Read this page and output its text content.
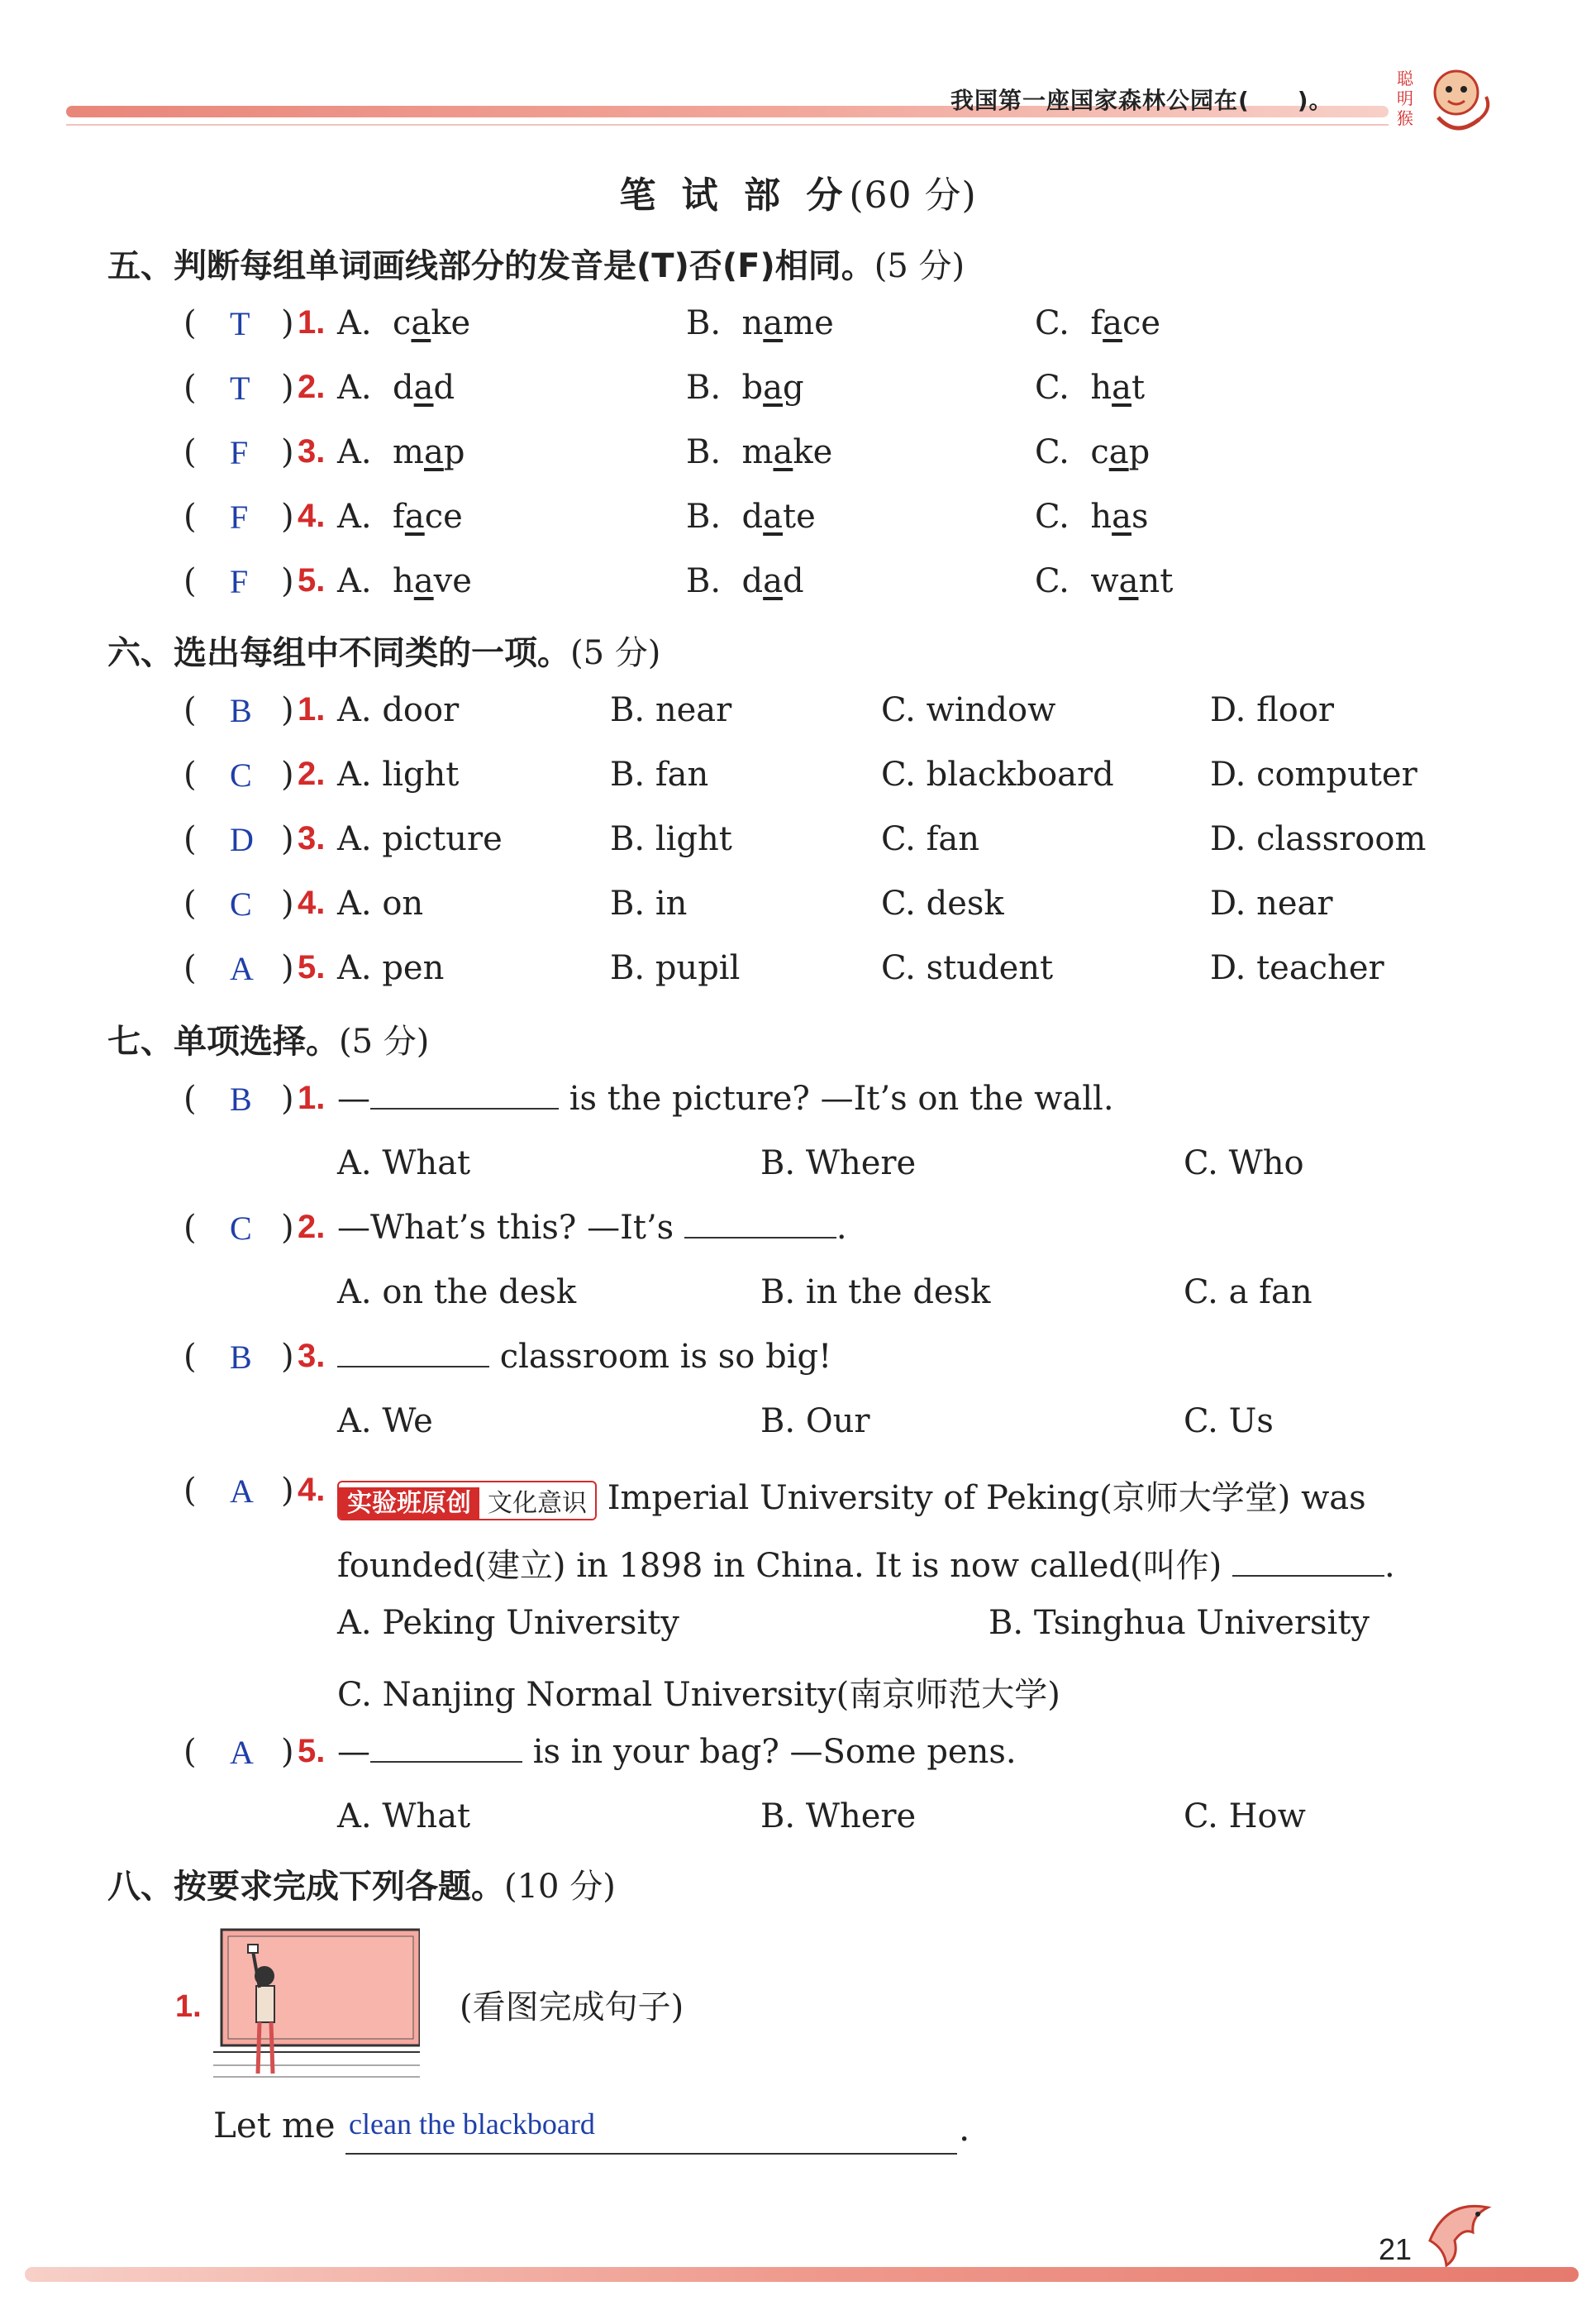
我国第一座国家森林公园在(　　)。
聪
明
猴
笔 试 部 分(60 分)
五、判断每组单词画线部分的发音是(T)否(F)相同。(5 分)
( T ) 1. A. cake	B. name	C. face
( T ) 2. A. dad	B. bag	C. hat
( F ) 3. A. map	B. make	C. cap
( F ) 4. A. face	B. date	C. has
( F ) 5. A. have	B. dad	C. want
六、选出每组中不同类的一项。(5 分)
( B ) 1. A. door	B. near	C. window	D. floor
( C ) 2. A. light	B. fan	C. blackboard	D. computer
( D ) 3. A. picture	B. light	C. fan	D. classroom
( C ) 4. A. on	B. in	C. desk	D. near
( A ) 5. A. pen	B. pupil	C. student	D. teacher
七、单项选择。(5 分)
( B ) 1. —	is the picture? —It’s on the wall.
A. What	B. Where	C. Who
( C ) 2. —What’s this? —It’s	.
A. on the desk	B. in the desk	C. a fan
( B ) 3.	classroom is so big!
A. We	B. Our	C. Us
( A ) 4. 实验班原创 文化意识 Imperial University of Peking(京师大学堂) was
founded(建立) in 1898 in China. It is now called(叫作)	.
A. Peking University	B. Tsinghua University
C. Nanjing Normal University(南京师范大学)
( A ) 5. —	is in your bag? —Some pens.
A. What	B. Where	C. How
八、按要求完成下列各题。(10 分)
1.	(看图完成句子)
Let me clean the blackboard	.
21
